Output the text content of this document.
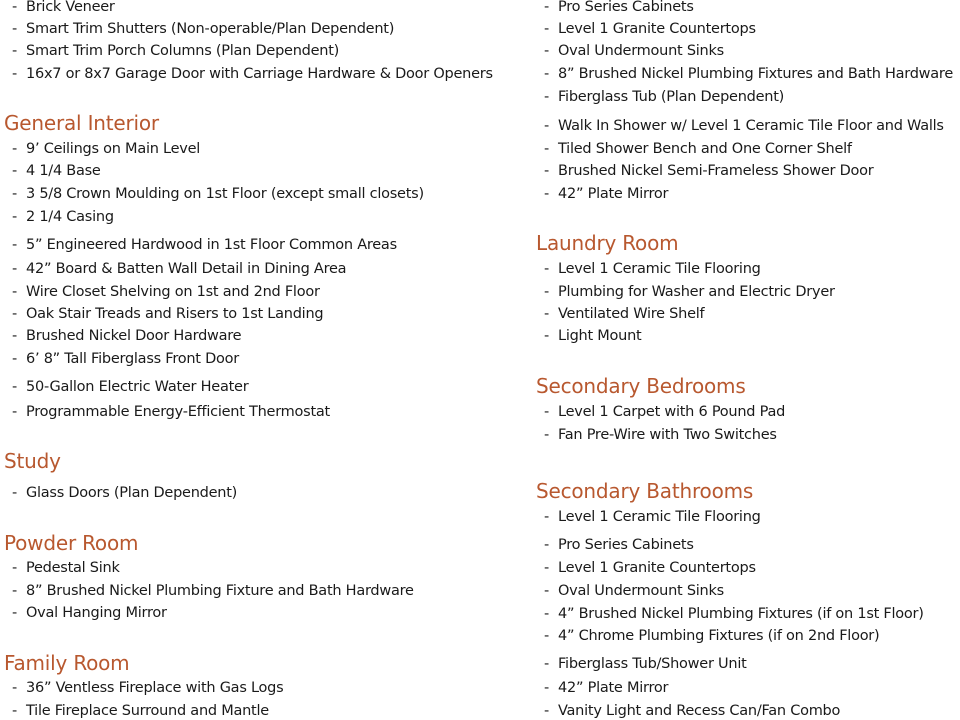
- Brick Veneer
- Smart Trim Shutters (Non-operable/Plan Dependent)
- Smart Trim Porch Columns (Plan Dependent)
- 16x7 or 8x7 Garage Door with Carriage Hardware & Door Openers
General Interior
- 9’ Ceilings on Main Level
- 4 1/4 Base
- 3 5/8 Crown Moulding on 1st Floor (except small closets)
- 2 1/4 Casing
- 5” Engineered Hardwood in 1st Floor Common Areas
- 42” Board & Batten Wall Detail in Dining Area
- Wire Closet Shelving on 1st and 2nd Floor
- Oak Stair Treads and Risers to 1st Landing
- Brushed Nickel Door Hardware
- 6’ 8” Tall Fiberglass Front Door
- 50-Gallon Electric Water Heater
- Programmable Energy-Efficient Thermostat
Study
- Glass Doors (Plan Dependent)
Powder Room
- Pedestal Sink
- 8” Brushed Nickel Plumbing Fixture and Bath Hardware
- Oval Hanging Mirror
Family Room
- 36” Ventless Fireplace with Gas Logs
- Tile Fireplace Surround and Mantle
- Pro Series Cabinets
- Level 1 Granite Countertops
- Oval Undermount Sinks
- 8” Brushed Nickel Plumbing Fixtures and Bath Hardware
- Fiberglass Tub (Plan Dependent)
- Walk In Shower w/ Level 1 Ceramic Tile Floor and Walls
- Tiled Shower Bench and One Corner Shelf
- Brushed Nickel Semi-Frameless Shower Door
- 42” Plate Mirror
Laundry Room
- Level 1 Ceramic Tile Flooring
- Plumbing for Washer and Electric Dryer
- Ventilated Wire Shelf
- Light Mount
Secondary Bedrooms
- Level 1 Carpet with 6 Pound Pad
- Fan Pre-Wire with Two Switches
Secondary Bathrooms
- Level 1 Ceramic Tile Flooring
- Pro Series Cabinets
- Level 1 Granite Countertops
- Oval Undermount Sinks
- 4” Brushed Nickel Plumbing Fixtures (if on 1st Floor)
- 4” Chrome Plumbing Fixtures (if on 2nd Floor)
- Fiberglass Tub/Shower Unit
- 42” Plate Mirror
- Vanity Light and Recess Can/Fan Combo
